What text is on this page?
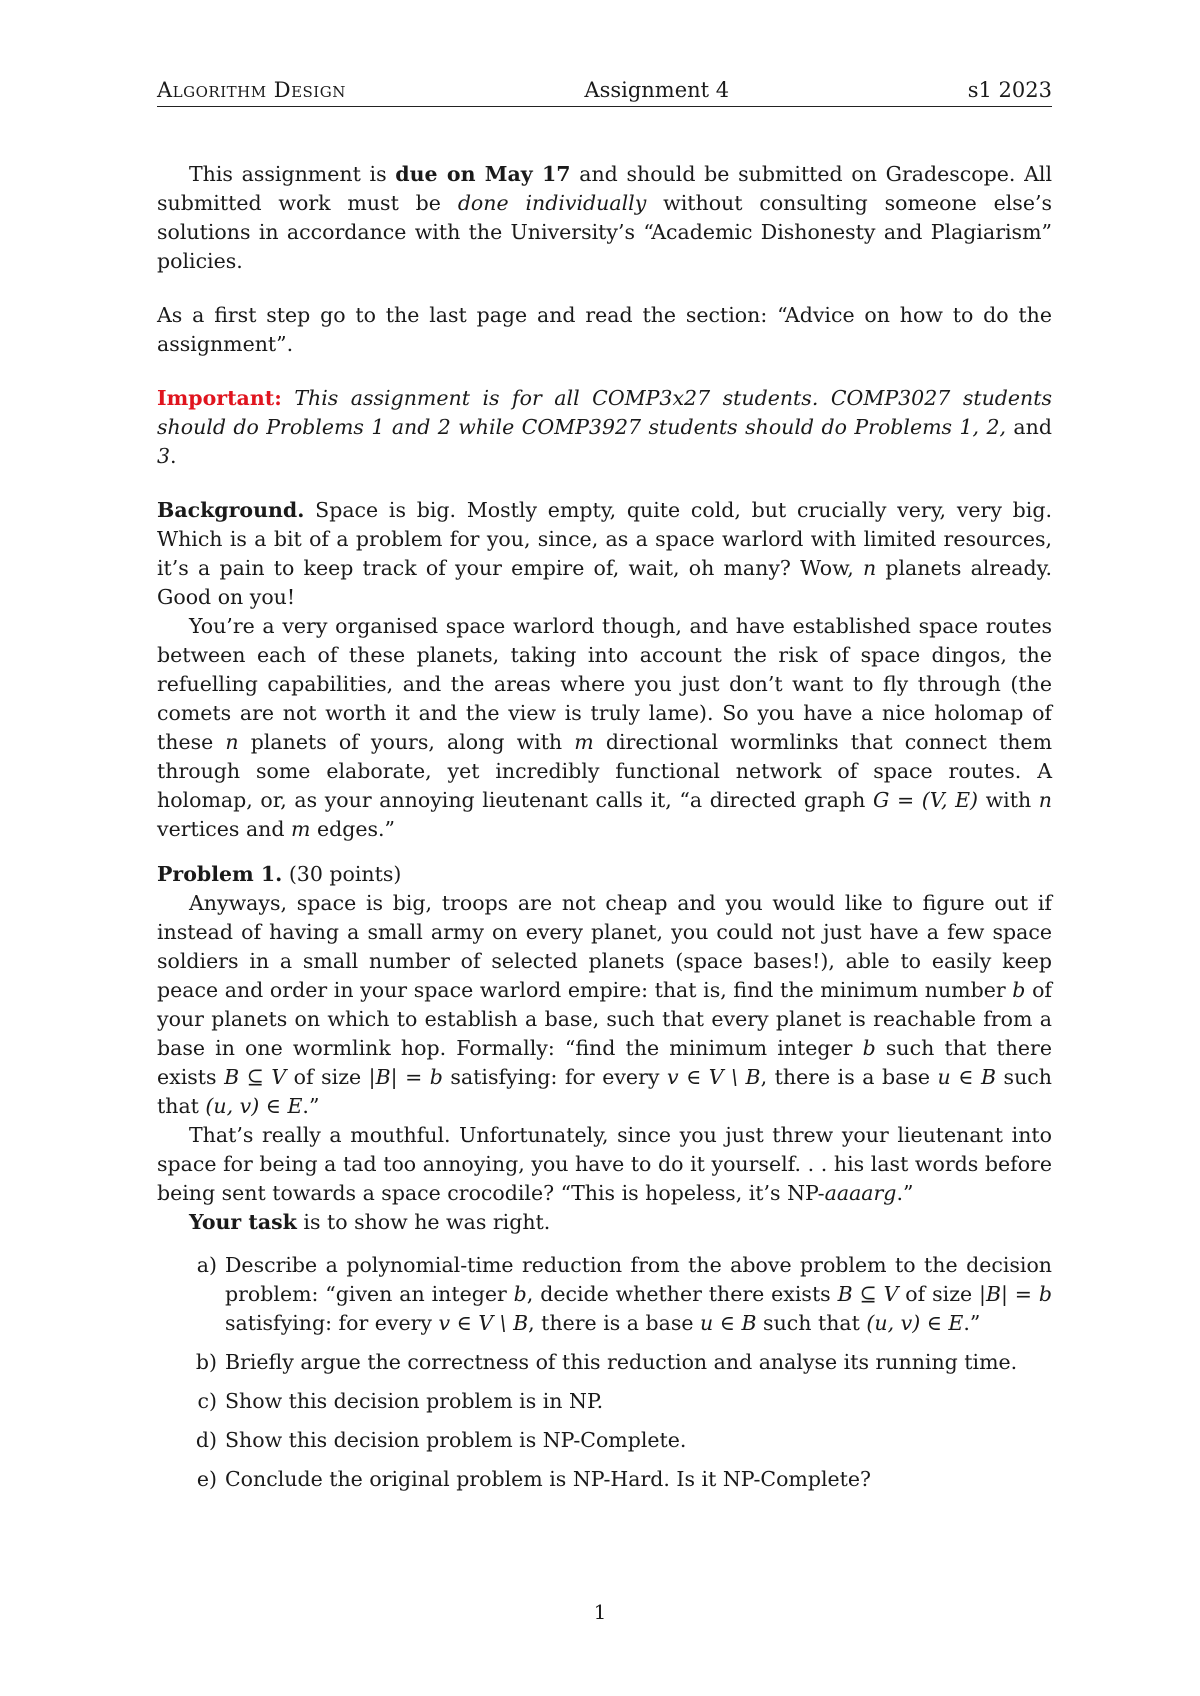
Algorithm Design	Assignment 4	s1 2023

This assignment is due on May 17 and should be submitted on Gradescope. All submitted work must be done individually without consulting someone else’s solutions in accordance with the University’s “Academic Dishonesty and Plagiarism” policies.

As a first step go to the last page and read the section: “Advice on how to do the assignment”.

Important: This assignment is for all COMP3x27 students. COMP3027 students should do Problems 1 and 2 while COMP3927 students should do Problems 1, 2, and 3.

Background. Space is big. Mostly empty, quite cold, but crucially very, very big. Which is a bit of a problem for you, since, as a space warlord with limited resources, it’s a pain to keep track of your empire of, wait, oh many? Wow, n planets already. Good on you!

You’re a very organised space warlord though, and have established space routes between each of these planets, taking into account the risk of space dingos, the refuelling capabilities, and the areas where you just don’t want to fly through (the comets are not worth it and the view is truly lame). So you have a nice holomap of these n planets of yours, along with m directional wormlinks that connect them through some elaborate, yet incredibly functional network of space routes. A holomap, or, as your annoying lieutenant calls it, “a directed graph G = (V, E) with n vertices and m edges.”

Problem 1. (30 points)

Anyways, space is big, troops are not cheap and you would like to figure out if instead of having a small army on every planet, you could not just have a few space soldiers in a small number of selected planets (space bases!), able to easily keep peace and order in your space warlord empire: that is, find the minimum number b of your planets on which to establish a base, such that every planet is reachable from a base in one wormlink hop. Formally: “find the minimum integer b such that there exists B ⊆ V of size |B| = b satisfying: for every v ∈ V \ B, there is a base u ∈ B such that (u, v) ∈ E.”

That’s really a mouthful. Unfortunately, since you just threw your lieutenant into space for being a tad too annoying, you have to do it yourself. . . his last words before being sent towards a space crocodile? “This is hopeless, it’s NP-aaaarg.”

Your task is to show he was right.

a) Describe a polynomial-time reduction from the above problem to the decision problem: “given an integer b, decide whether there exists B ⊆ V of size |B| = b satisfying: for every v ∈ V \ B, there is a base u ∈ B such that (u, v) ∈ E.”
b) Briefly argue the correctness of this reduction and analyse its running time.
c) Show this decision problem is in NP.
d) Show this decision problem is NP-Complete.
e) Conclude the original problem is NP-Hard. Is it NP-Complete?
1
